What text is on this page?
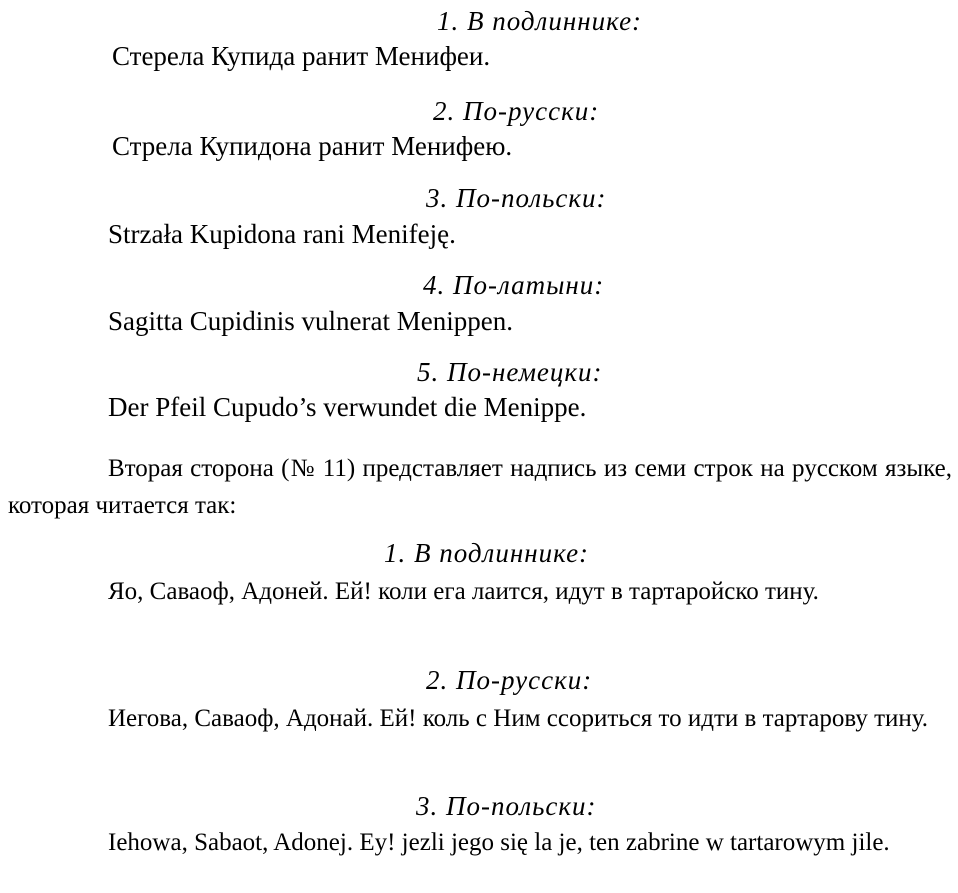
1. В подлиннике:
Стерела Купида ранит Менифеи.
2. По-русски:
Стрела Купидона ранит Менифею.
3. По-польски:
Strzała Kupidona rani Menifeję.
4. По-латыни:
Sagitta Cupidinis vulnerat Menippen.
5. По-немецки:
Der Pfeil Cupudo’s verwundet die Menippe.
Вторая сторона (№ 11) представляет надпись из семи строк на русском языке, которая читается так:
1. В подлиннике:
Яо, Саваоф, Адоней. Ей! коли ега лаится, идут в тартаройско тину.
2. По-русски:
Иегова, Саваоф, Адонай. Ей! коль с Ним ссориться то идти в тартарову тину.
3. По-польски:
Iehowa, Sabaot, Adonej. Ey! jezli jego się la je, ten zabrine w tartarowym jile.
